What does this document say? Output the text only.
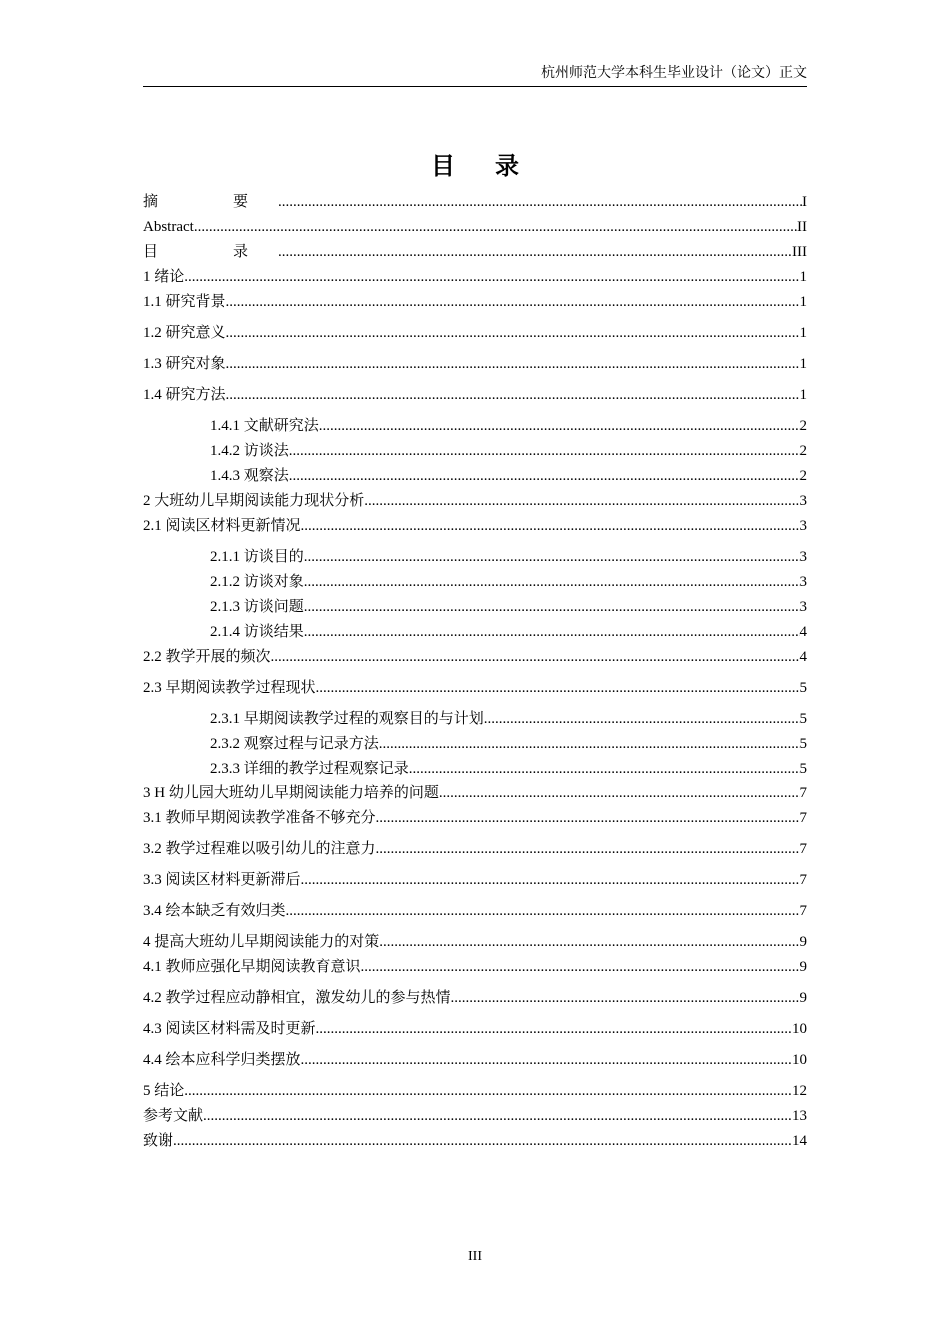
杭州师范大学本科生毕业设计（论文）正文
目录
摘　要 .....	I
Abstract .....	II
目　录 .....	III
1 绪论 .....	1
1.1 研究背景 .....	1
1.2 研究意义 .....	1
1.3 研究对象 .....	1
1.4 研究方法 .....	1
1.4.1 文献研究法 .....	2
1.4.2 访谈法 .....	2
1.4.3 观察法 .....	2
2 大班幼儿早期阅读能力现状分析 .....	3
2.1 阅读区材料更新情况 .....	3
2.1.1 访谈目的 .....	3
2.1.2 访谈对象 .....	3
2.1.3 访谈问题 .....	3
2.1.4 访谈结果 .....	4
2.2 教学开展的频次 .....	4
2.3 早期阅读教学过程现状 .....	5
2.3.1 早期阅读教学过程的观察目的与计划 .....	5
2.3.2 观察过程与记录方法 .....	5
2.3.3 详细的教学过程观察记录 .....	5
3 H 幼儿园大班幼儿早期阅读能力培养的问题 .....	7
3.1 教师早期阅读教学准备不够充分 .....	7
3.2 教学过程难以吸引幼儿的注意力 .....	7
3.3 阅读区材料更新滞后 .....	7
3.4 绘本缺乏有效归类 .....	7
4 提高大班幼儿早期阅读能力的对策 .....	9
4.1 教师应强化早期阅读教育意识 .....	9
4.2 教学过程应动静相宜，激发幼儿的参与热情 .....	9
4.3 阅读区材料需及时更新 .....	10
4.4 绘本应科学归类摆放 .....	10
5 结论 .....	12
参考文献 .....	13
致谢 .....	14
III
